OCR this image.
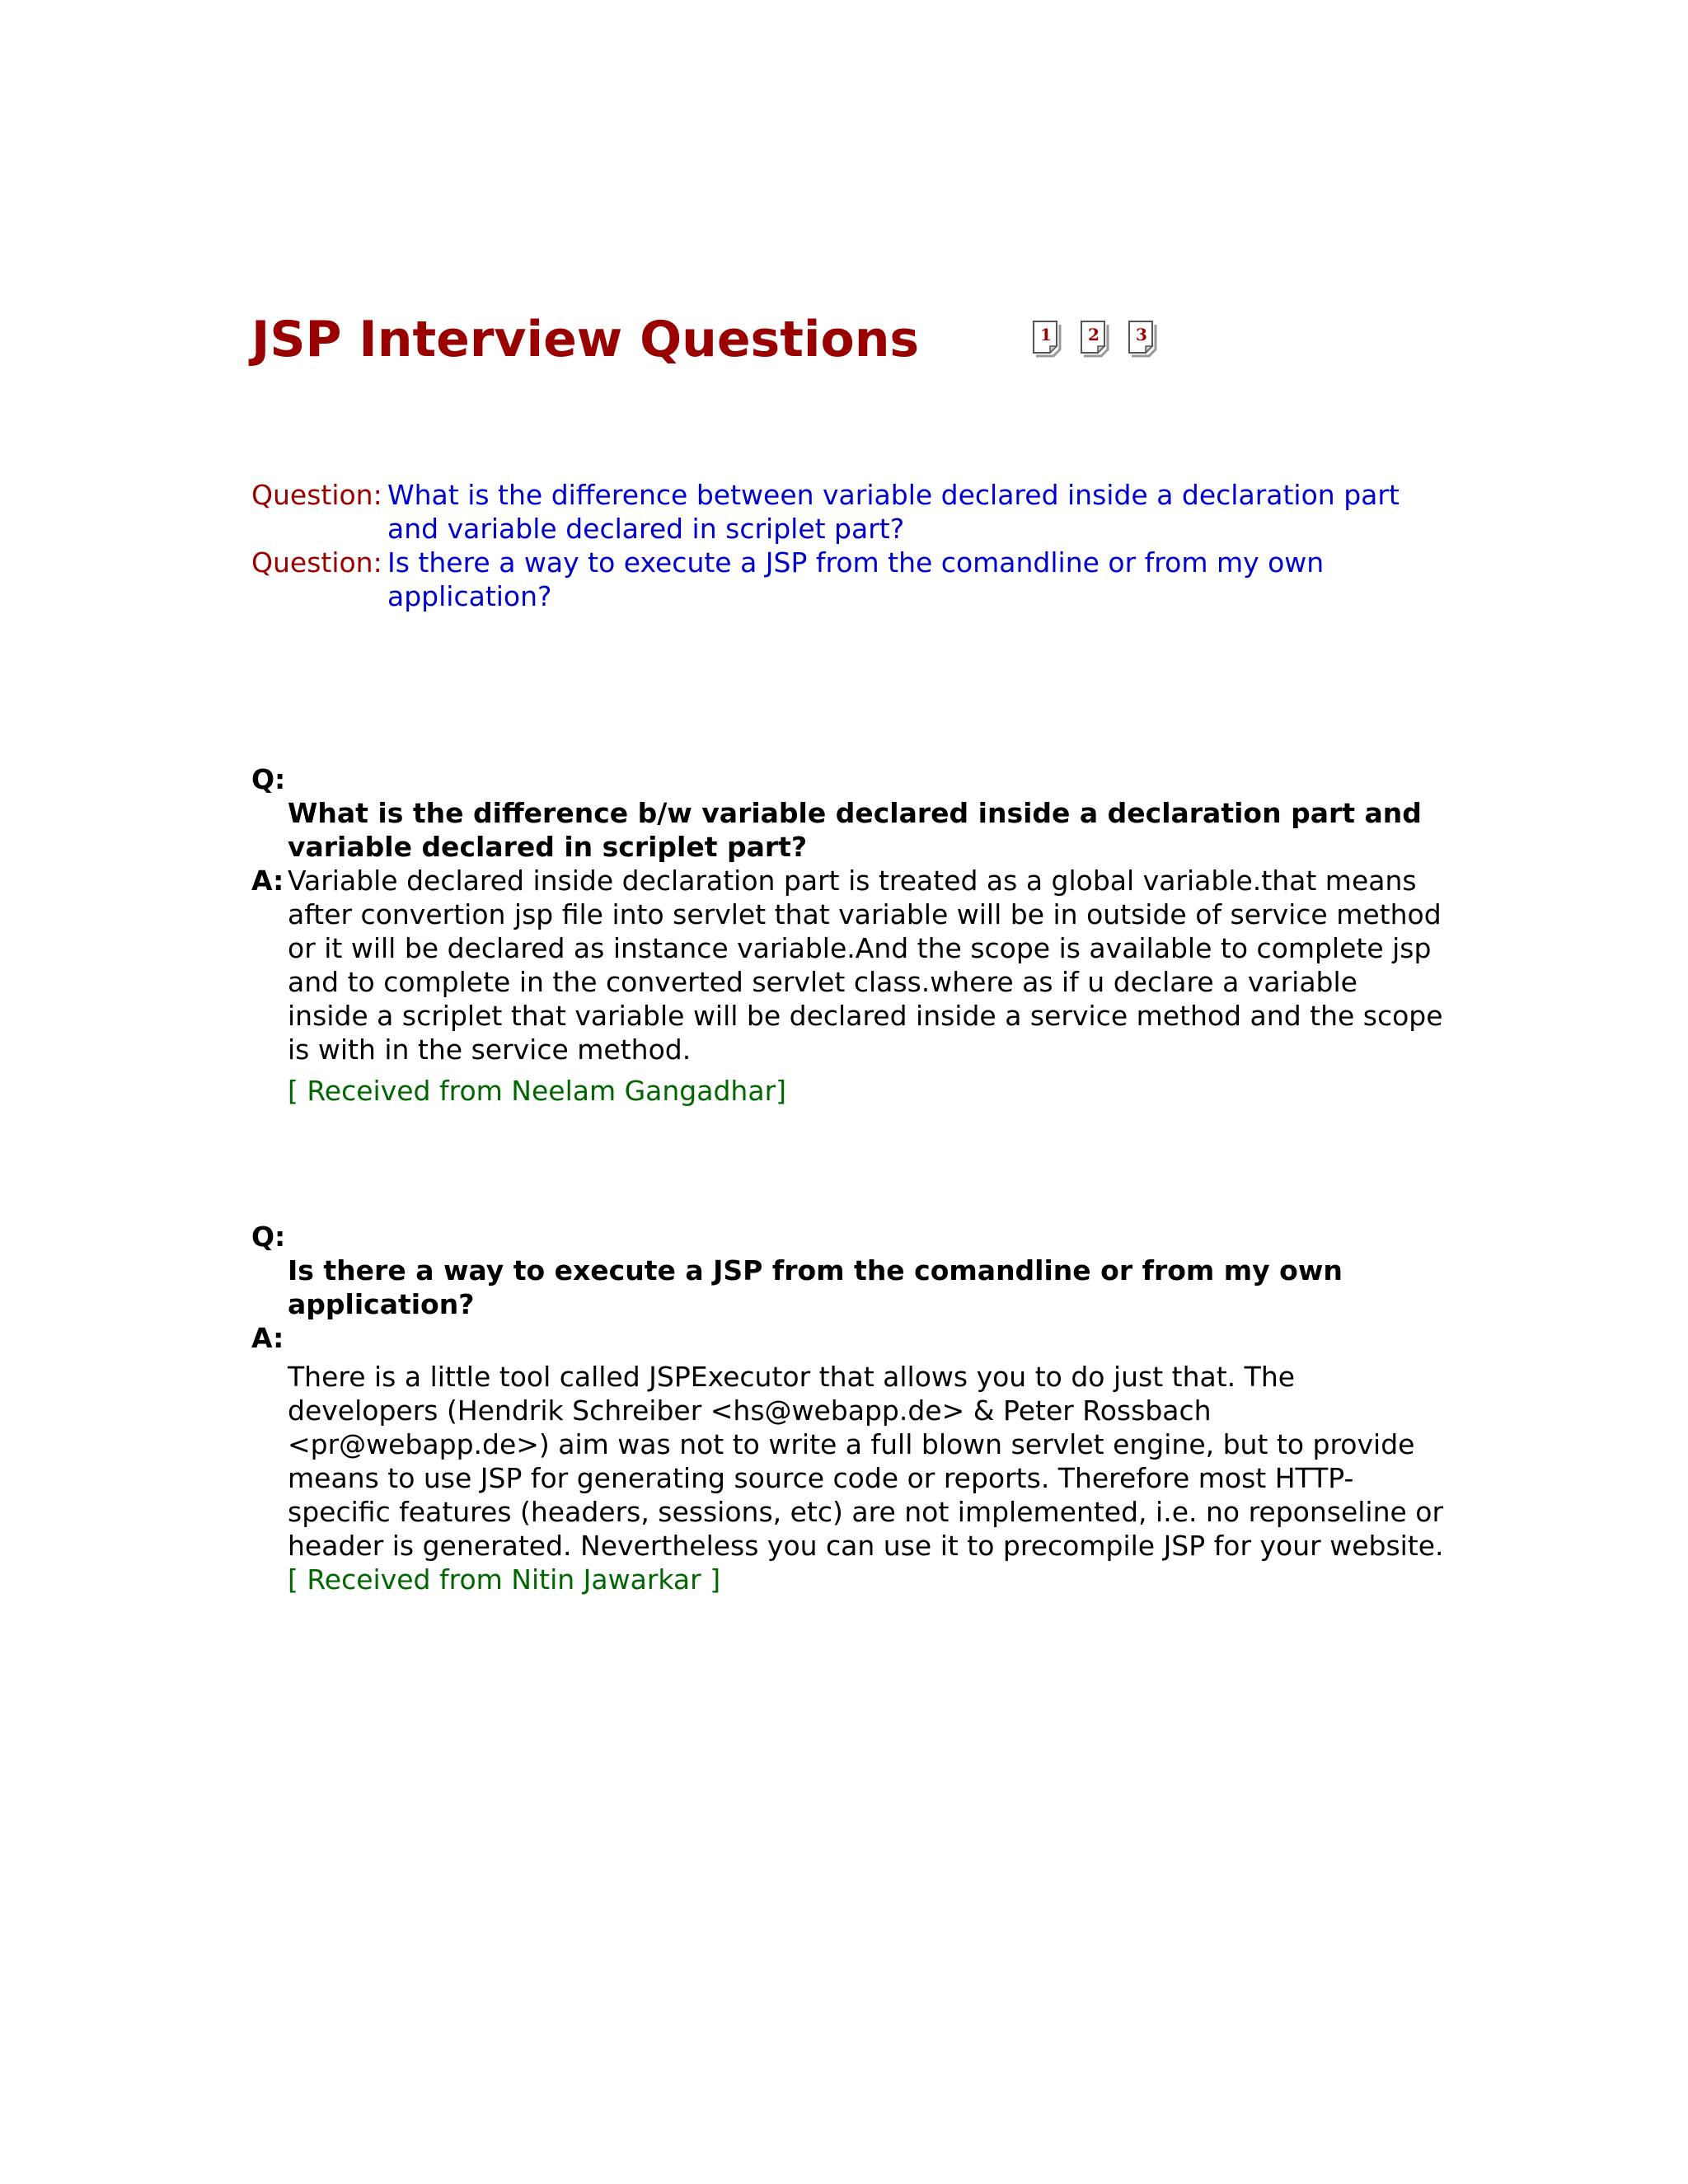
JSP Interview Questions	1	2	3
Question: What is the difference between variable declared inside a declaration part and variable declared in scriplet part?
Question: Is there a way to execute a JSP from the comandline or from my own application?
Q:
What is the difference b/w variable declared inside a declaration part and variable declared in scriplet part?
A: Variable declared inside declaration part is treated as a global variable.that means after convertion jsp file into servlet that variable will be in outside of service method or it will be declared as instance variable.And the scope is available to complete jsp and to complete in the converted servlet class.where as if u declare a variable inside a scriplet that variable will be declared inside a service method and the scope is with in the service method.
[ Received from Neelam Gangadhar]
Q:
Is there a way to execute a JSP from the comandline or from my own application?
A:
There is a little tool called JSPExecutor that allows you to do just that. The developers (Hendrik Schreiber <hs@webapp.de> & Peter Rossbach <pr@webapp.de>) aim was not to write a full blown servlet engine, but to provide means to use JSP for generating source code or reports. Therefore most HTTP-specific features (headers, sessions, etc) are not implemented, i.e. no reponseline or header is generated. Nevertheless you can use it to precompile JSP for your website.
[ Received from Nitin Jawarkar ]
